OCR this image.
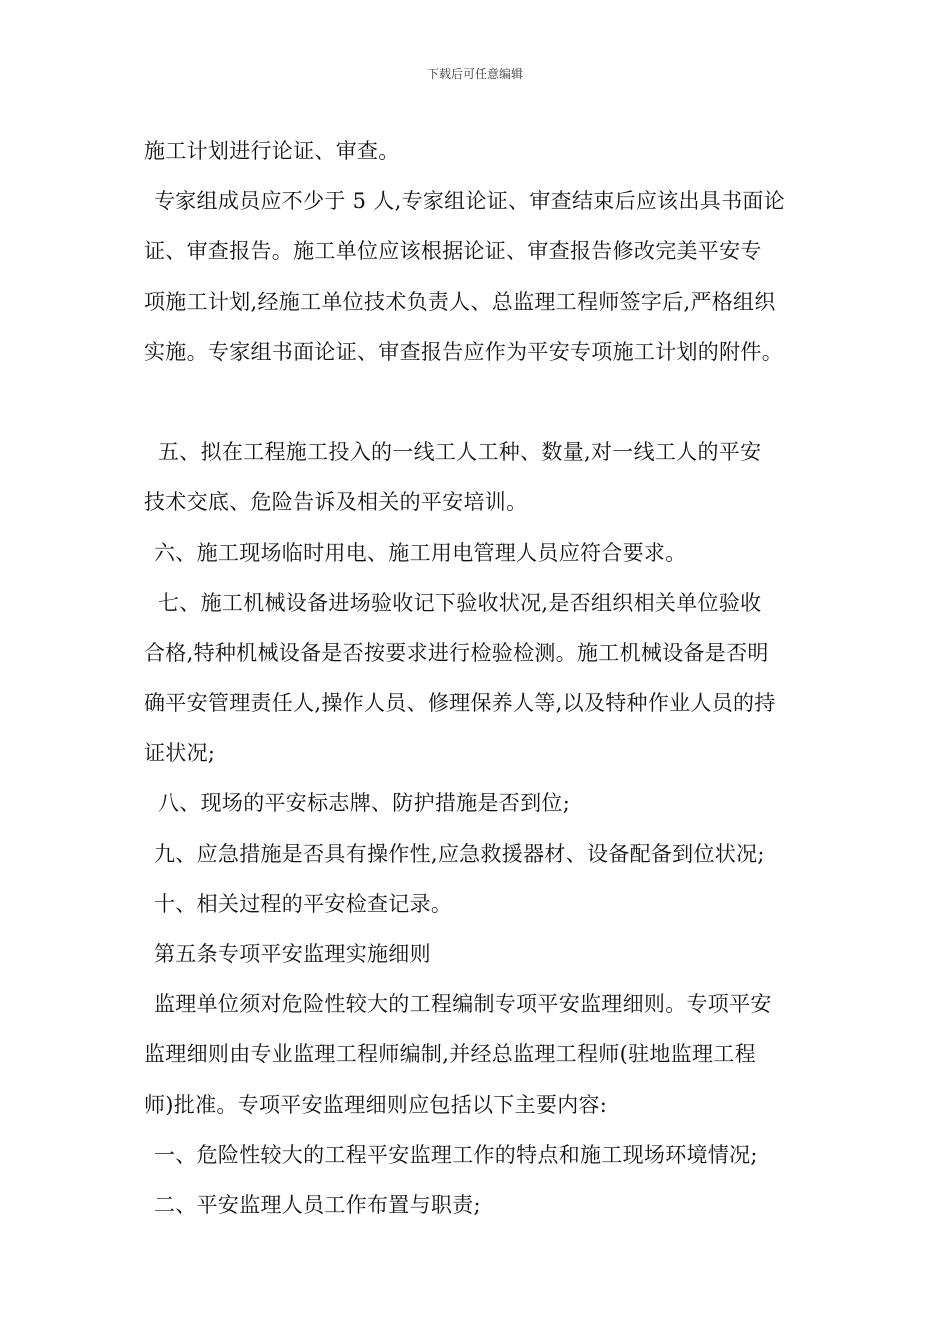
下载后可任意编辑
施工计划进行论证、审查。
专家组成员应不少于 5 人,专家组论证、审查结束后应该出具书面论
证、审查报告。施工单位应该根据论证、审查报告修改完美平安专
项施工计划,经施工单位技术负责人、总监理工程师签字后,严格组织
实施。专家组书面论证、审查报告应作为平安专项施工计划的附件。
五、拟在工程施工投入的一线工人工种、数量,对一线工人的平安
技术交底、危险告诉及相关的平安培训。
六、施工现场临时用电、施工用电管理人员应符合要求。
七、施工机械设备进场验收记下验收状况,是否组织相关单位验收
合格,特种机械设备是否按要求进行检验检测。施工机械设备是否明
确平安管理责任人,操作人员、修理保养人等,以及特种作业人员的持
证状况;
八、现场的平安标志牌、防护措施是否到位;
九、应急措施是否具有操作性,应急救援器材、设备配备到位状况;
十、相关过程的平安检查记录。
第五条专项平安监理实施细则
监理单位须对危险性较大的工程编制专项平安监理细则。专项平安
监理细则由专业监理工程师编制,并经总监理工程师(驻地监理工程
师)批准。专项平安监理细则应包括以下主要内容:
一、危险性较大的工程平安监理工作的特点和施工现场环境情况;
二、平安监理人员工作布置与职责;
